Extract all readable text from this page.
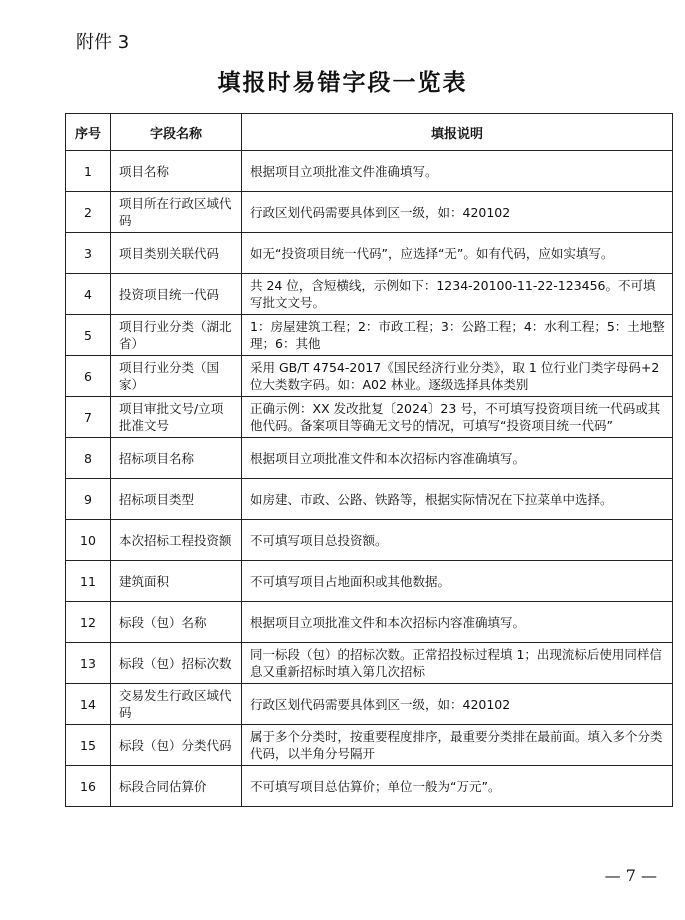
附件 3
填报时易错字段一览表
序号	字段名称	填报说明
1	项目名称	根据项目立项批准文件准确填写。
2	项目所在行政区域代码	行政区划代码需要具体到区一级，如：420102
3	项目类别关联代码	如无“投资项目统一代码”，应选择“无”。如有代码，应如实填写。
4	投资项目统一代码	共 24 位，含短横线，示例如下：1234-20100-11-22-123456。不可填写批文文号。
5	项目行业分类（湖北省）	1：房屋建筑工程；2：市政工程；3：公路工程；4：水利工程；5：土地整理；6：其他
6	项目行业分类（国家）	采用 GB/T 4754-2017《国民经济行业分类》，取 1 位行业门类字母码+2 位大类数字码。如：A02 林业。逐级选择具体类别
7	项目审批文号/立项批准文号	正确示例：XX 发改批复〔2024〕23 号，不可填写投资项目统一代码或其他代码。备案项目等确无文号的情况，可填写“投资项目统一代码”
8	招标项目名称	根据项目立项批准文件和本次招标内容准确填写。
9	招标项目类型	如房建、市政、公路、铁路等，根据实际情况在下拉菜单中选择。
10	本次招标工程投资额	不可填写项目总投资额。
11	建筑面积	不可填写项目占地面积或其他数据。
12	标段（包）名称	根据项目立项批准文件和本次招标内容准确填写。
13	标段（包）招标次数	同一标段（包）的招标次数。正常招投标过程填 1；出现流标后使用同样信息又重新招标时填入第几次招标
14	交易发生行政区域代码	行政区划代码需要具体到区一级，如：420102
15	标段（包）分类代码	属于多个分类时，按重要程度排序，最重要分类排在最前面。填入多个分类代码，以半角分号隔开
16	标段合同估算价	不可填写项目总估算价；单位一般为“万元”。
— 7 —
